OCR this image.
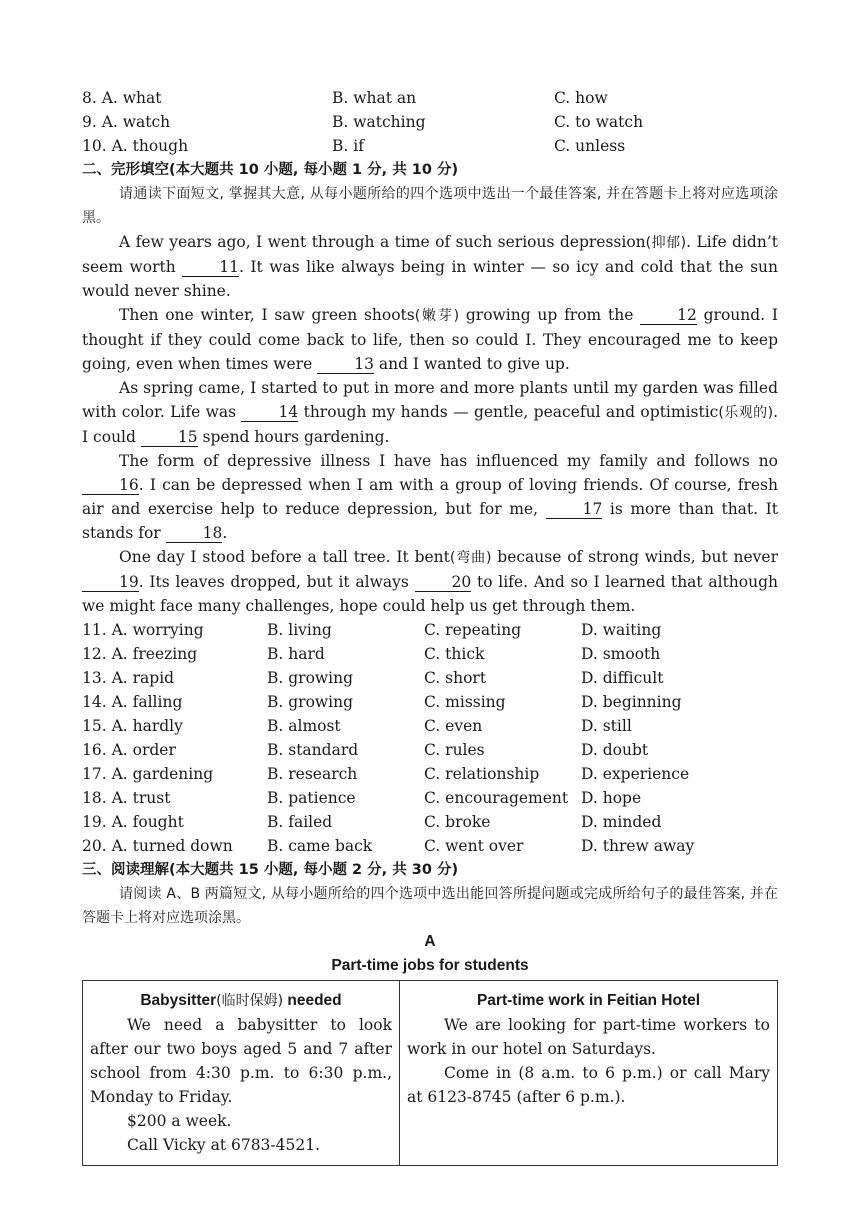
8. A. what	B. what an	C. how
9. A. watch	B. watching	C. to watch
10. A. though	B. if	C. unless
二、完形填空(本大题共 10 小题, 每小题 1 分, 共 10 分)

请通读下面短文, 掌握其大意, 从每小题所给的四个选项中选出一个最佳答案, 并在答题卡上将对应选项涂黑。

A few years ago, I went through a time of such serious depression(抑郁). Life didn’t seem worth 11. It was like always being in winter — so icy and cold that the sun would never shine.

Then one winter, I saw green shoots(嫩芽) growing up from the 12 ground. I thought if they could come back to life, then so could I. They encouraged me to keep going, even when times were 13 and I wanted to give up.

As spring came, I started to put in more and more plants until my garden was filled with color. Life was 14 through my hands — gentle, peaceful and optimistic(乐观的). I could 15 spend hours gardening.

The form of depressive illness I have has influenced my family and follows no 16. I can be depressed when I am with a group of loving friends. Of course, fresh air and exercise help to reduce depression, but for me, 17 is more than that. It stands for 18.

One day I stood before a tall tree. It bent(弯曲) because of strong winds, but never 19. Its leaves dropped, but it always 20 to life. And so I learned that although we might face many challenges, hope could help us get through them.

11. A. worrying	B. living	C. repeating	D. waiting
12. A. freezing	B. hard	C. thick	D. smooth
13. A. rapid	B. growing	C. short	D. difficult
14. A. falling	B. growing	C. missing	D. beginning
15. A. hardly	B. almost	C. even	D. still
16. A. order	B. standard	C. rules	D. doubt
17. A. gardening	B. research	C. relationship	D. experience
18. A. trust	B. patience	C. encouragement D. hope
19. A. fought	B. failed	C. broke	D. minded
20. A. turned down	B. came back	C. went over	D. threw away
三、阅读理解(本大题共 15 小题, 每小题 2 分, 共 30 分)

请阅读 A、B 两篇短文, 从每小题所给的四个选项中选出能回答所提问题或完成所给句子的最佳答案, 并在答题卡上将对应选项涂黑。

A
Part-time jobs for students
Babysitter(临时保姆) needed

We need a babysitter to look after our two boys aged 5 and 7 after school from 4:30 p.m. to 6:30 p.m., Monday to Friday.

$200 a week.

Call Vicky at 6783-4521.

Part-time work in Feitian Hotel

We are looking for part-time workers to work in our hotel on Saturdays.

Come in (8 a.m. to 6 p.m.) or call Mary at 6123-8745 (after 6 p.m.).
